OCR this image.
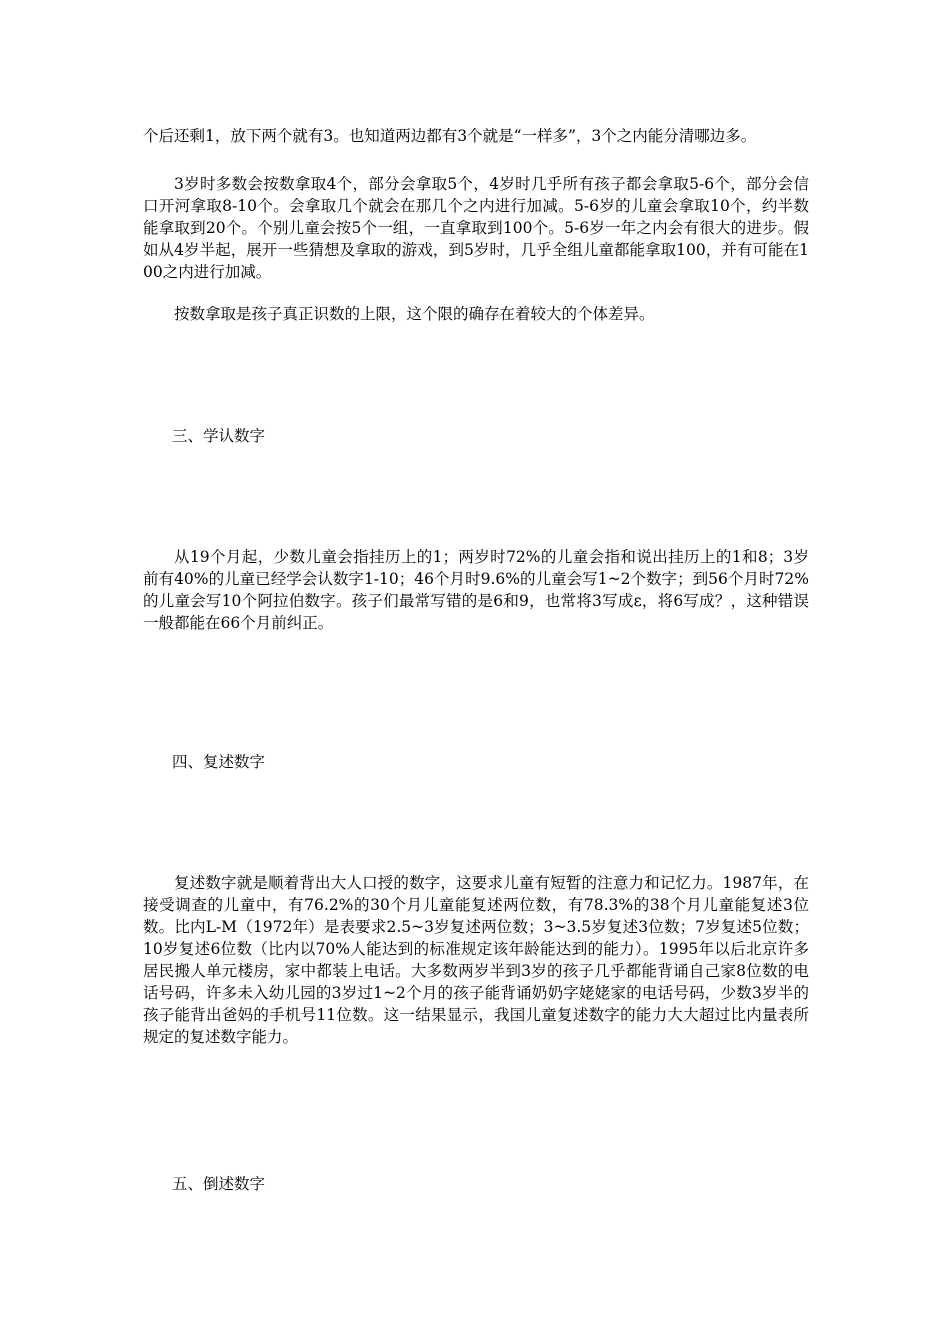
个后还剩1，放下两个就有3。也知道两边都有3个就是“一样多”，3个之内能分清哪边多。

3岁时多数会按数拿取4个，部分会拿取5个，4岁时几乎所有孩子都会拿取5-6个，部分会信口开河拿取8-10个。会拿取几个就会在那几个之内进行加减。5-6岁的儿童会拿取10个，约半数能拿取到20个。个别儿童会按5个一组，一直拿取到100个。5-6岁一年之内会有很大的进步。假如从4岁半起，展开一些猜想及拿取的游戏，到5岁时，几乎全组儿童都能拿取100，并有可能在100之内进行加减。

按数拿取是孩子真正识数的上限，这个限的确存在着较大的个体差异。

三、学认数字

从19个月起，少数儿童会指挂历上的1；两岁时72%的儿童会指和说出挂历上的1和8；3岁前有40%的儿童已经学会认数字1-10；46个月时9.6%的儿童会写1~2个数字；到56个月时72%的儿童会写10个阿拉伯数字。孩子们最常写错的是6和9，也常将3写成ε，将6写成？，这种错误一般都能在66个月前纠正。

四、复述数字

复述数字就是顺着背出大人口授的数字，这要求儿童有短暂的注意力和记忆力。1987年，在接受调查的儿童中，有76.2%的30个月儿童能复述两位数，有78.3%的38个月儿童能复述3位数。比内L-M（1972年）是表要求2.5~3岁复述两位数；3~3.5岁复述3位数；7岁复述5位数；10岁复述6位数（比内以70%人能达到的标准规定该年龄能达到的能力）。1995年以后北京许多居民搬人单元楼房，家中都装上电话。大多数两岁半到3岁的孩子几乎都能背诵自己家8位数的电话号码，许多未入幼儿园的3岁过1~2个月的孩子能背诵奶奶字姥姥家的电话号码，少数3岁半的孩子能背出爸妈的手机号11位数。这一结果显示，我国儿童复述数字的能力大大超过比内量表所规定的复述数字能力。

五、倒述数字
